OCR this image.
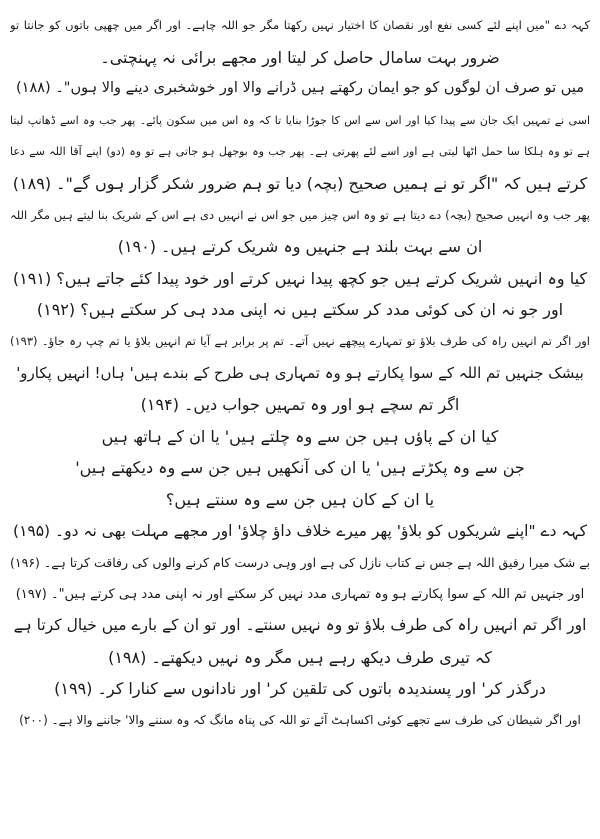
کہہ دے "میں اپنے لئے کسی نفع اور نقصان کا اختیار نہیں رکھتا مگر جو اللہ چاہے۔ اور اگر میں چھپی باتوں کو جانتا تو
ضرور بہت سامال حاصل کر لیتا اور مجھے برائی نہ پہنچتی۔
میں تو صرف ان لوگوں کو جو ایمان رکھتے ہیں ڈرانے والا اور خوشخبری دینے والا ہوں"۔ (۱۸۸)
اسی نے تمہیں ایک جان سے پیدا کیا اور اس سے اس کا جوڑا بنایا تا کہ وہ اس میں سکون پائے۔ پھر جب وہ اسے ڈھانپ لیتا
ہے تو وہ ہلکا سا حمل اٹھا لیتی ہے اور اسے لئے پھرتی ہے۔ پھر جب وہ بوجھل ہو جاتی ہے تو وہ (دو) اپنے آقا اللہ سے دعا
کرتے ہیں کہ "اگر تو نے ہمیں صحیح (بچہ) دیا تو ہم ضرور شکر گزار ہوں گے"۔ (۱۸۹)
پھر جب وہ انہیں صحیح (بچہ) دے دیتا ہے تو وہ اس چیز میں جو اس نے انہیں دی ہے اس کے شریک بنا لیتے ہیں مگر اللہ
ان سے بہت بلند ہے جنہیں وہ شریک کرتے ہیں۔ (۱۹۰)
کیا وہ انہیں شریک کرتے ہیں جو کچھ پیدا نہیں کرتے اور خود پیدا کئے جاتے ہیں؟ (۱۹۱)
اور جو نہ ان کی کوئی مدد کر سکتے ہیں نہ اپنی مدد ہی کر سکتے ہیں؟ (۱۹۲)
اور اگر تم انہیں راہ کی طرف بلاؤ تو تمہارے پیچھے نہیں آتے۔ تم پر برابر ہے آیا تم انہیں بلاؤ یا تم چپ رہ جاؤ۔ (۱۹۳)
بیشک جنہیں تم اللہ کے سوا پکارتے ہو وہ تمہاری ہی طرح کے بندے ہیں' ہاں! انہیں پکارو'
اگر تم سچے ہو اور وہ تمہیں جواب دیں۔ (۱۹۴)
کیا ان کے پاؤں ہیں جن سے وہ چلتے ہیں' یا ان کے ہاتھ ہیں
جن سے وہ پکڑتے ہیں' یا ان کی آنکھیں ہیں جن سے وہ دیکھتے ہیں'
یا ان کے کان ہیں جن سے وہ سنتے ہیں؟
کہہ دے "اپنے شریکوں کو بلاؤ' پھر میرے خلاف داؤ چلاؤ' اور مجھے مہلت بھی نہ دو۔ (۱۹۵)
بے شک میرا رفیق اللہ ہے جس نے کتاب نازل کی ہے اور وہی درست کام کرنے والوں کی رفاقت کرتا ہے۔ (۱۹۶)
اور جنہیں تم اللہ کے سوا پکارتے ہو وہ تمہاری مدد نہیں کر سکتے اور نہ اپنی مدد ہی کرتے ہیں"۔ (۱۹۷)
اور اگر تم انہیں راہ کی طرف بلاؤ تو وہ نہیں سنتے۔ اور تو ان کے بارے میں خیال کرتا ہے
کہ تیری طرف دیکھ رہے ہیں مگر وہ نہیں دیکھتے۔ (۱۹۸)
درگذر کر' اور پسندیدہ باتوں کی تلقین کر' اور نادانوں سے کنارا کر۔ (۱۹۹)
اور اگر شیطان کی طرف سے تجھے کوئی اکساہٹ آئے تو اللہ کی پناہ مانگ کہ وہ سننے والا' جاننے والا ہے۔ (۲۰۰)
